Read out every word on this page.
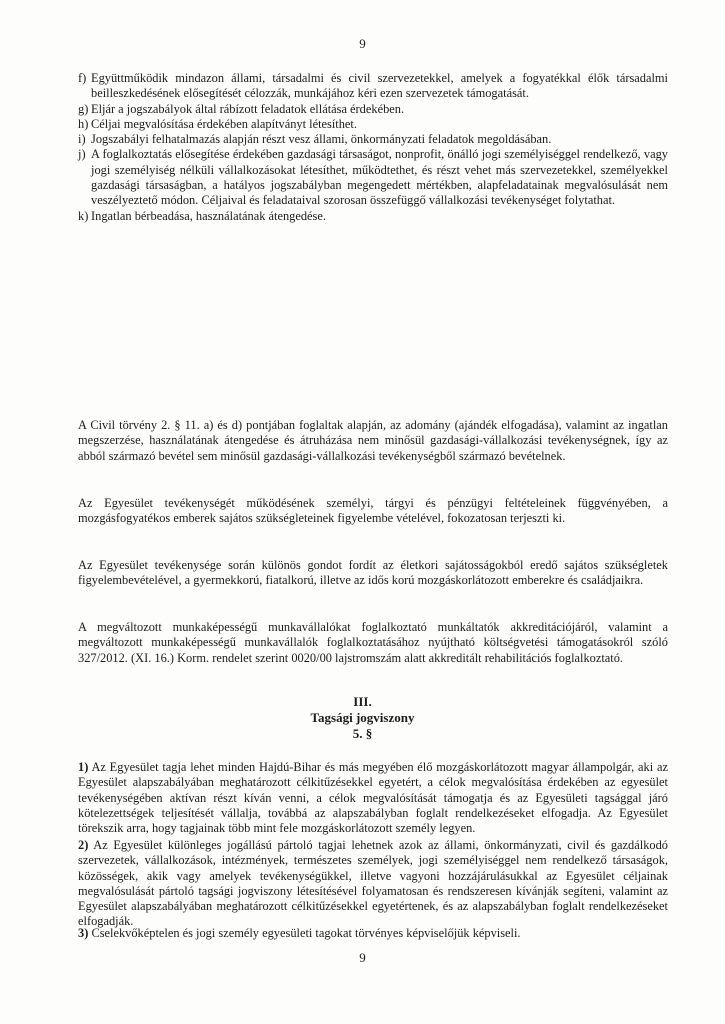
9
f) Együttműködik mindazon állami, társadalmi és civil szervezetekkel, amelyek a fogyatékkal élők társadalmi beilleszkedésének elősegítését célozzák, munkájához kéri ezen szervezetek támogatását.
g) Eljár a jogszabályok által rábízott feladatok ellátása érdekében.
h) Céljai megvalósítása érdekében alapítványt létesíthet.
i) Jogszabályi felhatalmazás alapján részt vesz állami, önkormányzati feladatok megoldásában.
j) A foglalkoztatás elősegítése érdekében gazdasági társaságot, nonprofit, önálló jogi személyiséggel rendelkező, vagy jogi személyiség nélküli vállalkozásokat létesíthet, működtethet, és részt vehet más szervezetekkel, személyekkel gazdasági társaságban, a hatályos jogszabályban megengedett mértékben, alapfeladatainak megvalósulását nem veszélyeztető módon. Céljaival és feladataival szorosan összefüggő vállalkozási tevékenységet folytathat.
k) Ingatlan bérbeadása, használatának átengedése.

A Civil törvény 2. § 11. a) és d) pontjában foglaltak alapján, az adomány (ajándék elfogadása), valamint az ingatlan megszerzése, használatának átengedése és átruházása nem minősül gazdasági-vállalkozási tevékenységnek, így az abból származó bevétel sem minősül gazdasági-vállalkozási tevékenységből származó bevételnek.

Az Egyesület tevékenységét működésének személyi, tárgyi és pénzügyi feltételeinek függvényében, a mozgásfogyatékos emberek sajátos szükségleteinek figyelembe vételével, fokozatosan terjeszti ki.

Az Egyesület tevékenysége során különös gondot fordít az életkori sajátosságokból eredő sajátos szükségletek figyelembevételével, a gyermekkorú, fiatalkorú, illetve az idős korú mozgáskorlátozott emberekre és családjaikra.

A megváltozott munkaképességű munkavállalókat foglalkoztató munkáltatók akkreditációjáról, valamint a megváltozott munkaképességű munkavállalók foglalkoztatásához nyújtható költségvetési támogatásokról szóló 327/2012. (XI. 16.) Korm. rendelet szerint 0020/00 lajstromszám alatt akkreditált rehabilitációs foglalkoztató.

III.
Tagsági jogviszony
5. §

1) Az Egyesület tagja lehet minden Hajdú-Bihar és más megyében élő mozgáskorlátozott magyar állampolgár, aki az Egyesület alapszabályában meghatározott célkitűzésekkel egyetért, a célok megvalósítása érdekében az egyesület tevékenységében aktívan részt kíván venni, a célok megvalósítását támogatja és az Egyesületi tagsággal járó kötelezettségek teljesítését vállalja, továbbá az alapszabályban foglalt rendelkezéseket elfogadja. Az Egyesület törekszik arra, hogy tagjainak több mint fele mozgáskorlátozott személy legyen.

2) Az Egyesület különleges jogállású pártoló tagjai lehetnek azok az állami, önkormányzati, civil és gazdálkodó szervezetek, vállalkozások, intézmények, természetes személyek, jogi személyiséggel nem rendelkező társaságok, közösségek, akik vagy amelyek tevékenységükkel, illetve vagyoni hozzájárulásukkal az Egyesület céljainak megvalósulását pártoló tagsági jogviszony létesítésével folyamatosan és rendszeresen kívánják segíteni, valamint az Egyesület alapszabályában meghatározott célkitűzésekkel egyetértenek, és az alapszabályban foglalt rendelkezéseket elfogadják.

3) Cselekvőképtelen és jogi személy egyesületi tagokat törvényes képviselőjük képviseli.

9
